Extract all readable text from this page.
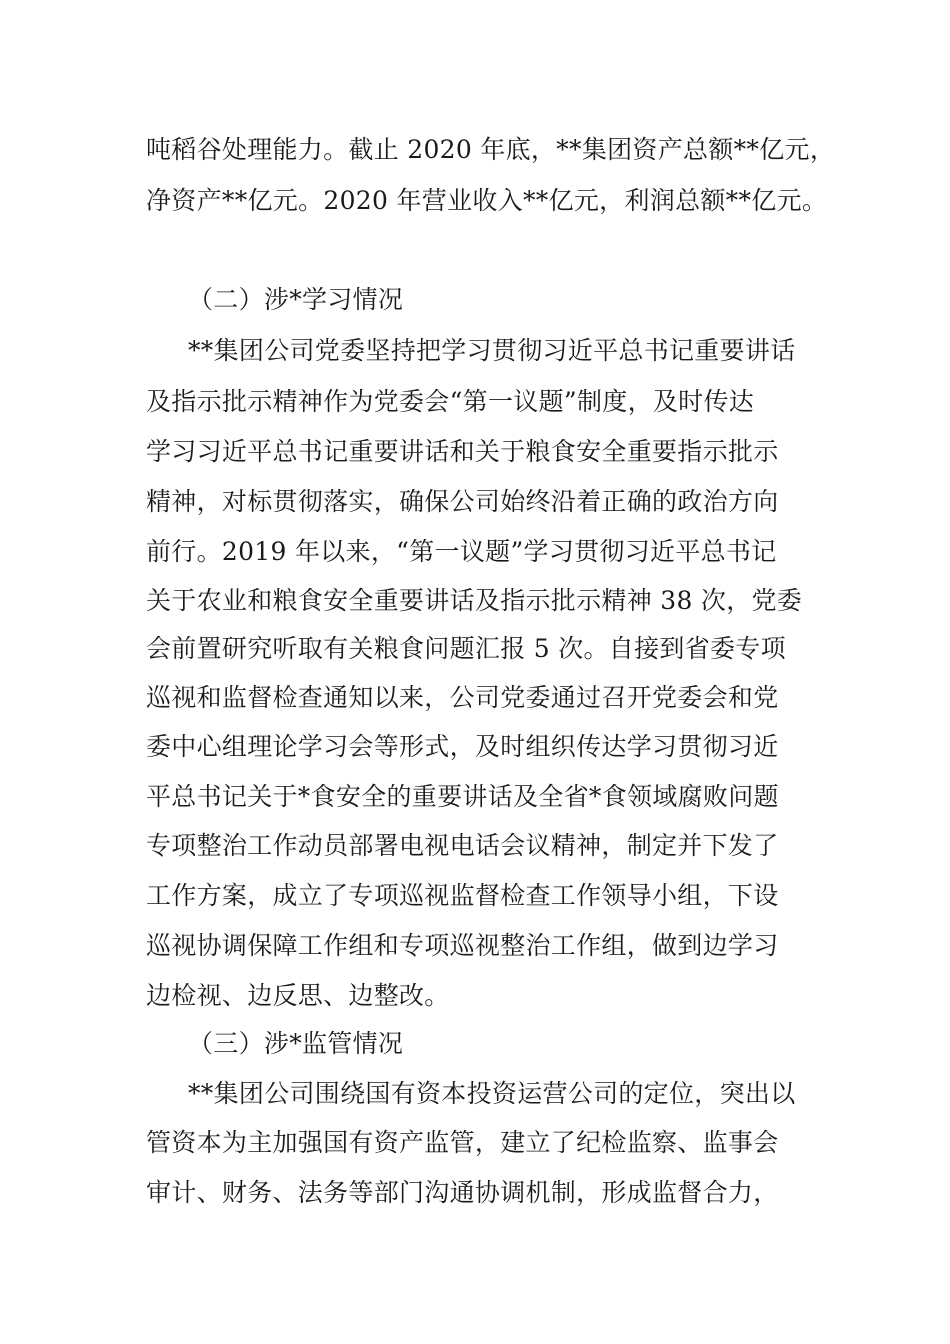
吨稻谷处理能力。截止 2020 年底，**集团资产总额**亿元，
净资产**亿元。2020 年营业收入**亿元，利润总额**亿元。
（二）涉*学习情况
**集团公司党委坚持把学习贯彻习近平总书记重要讲话
及指示批示精神作为党委会“第一议题”制度，及时传达
学习习近平总书记重要讲话和关于粮食安全重要指示批示
精神，对标贯彻落实，确保公司始终沿着正确的政治方向
前行。2019 年以来，“第一议题”学习贯彻习近平总书记
关于农业和粮食安全重要讲话及指示批示精神 38 次，党委
会前置研究听取有关粮食问题汇报 5 次。自接到省委专项
巡视和监督检查通知以来，公司党委通过召开党委会和党
委中心组理论学习会等形式，及时组织传达学习贯彻习近
平总书记关于*食安全的重要讲话及全省*食领域腐败问题
专项整治工作动员部署电视电话会议精神，制定并下发了
工作方案，成立了专项巡视监督检查工作领导小组，下设
巡视协调保障工作组和专项巡视整治工作组，做到边学习
边检视、边反思、边整改。
（三）涉*监管情况
**集团公司围绕国有资本投资运营公司的定位，突出以
管资本为主加强国有资产监管，建立了纪检监察、监事会
审计、财务、法务等部门沟通协调机制，形成监督合力，
